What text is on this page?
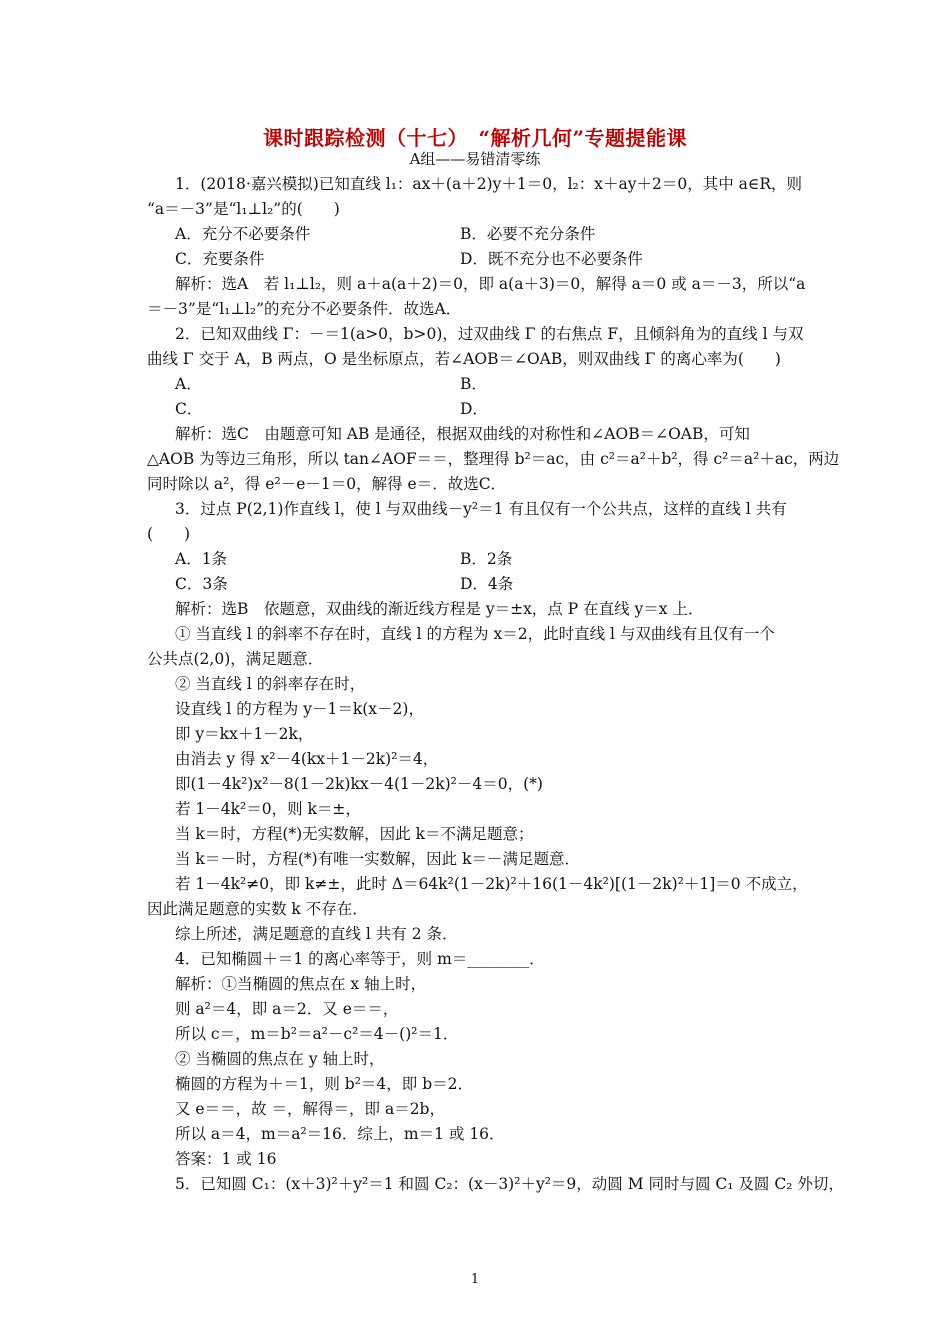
课时跟踪检测（十七）　“解析几何”专题提能课
A组——易错清零练
1．(2018·嘉兴模拟)已知直线 l₁：ax＋(a＋2)y＋1＝0，l₂：x＋ay＋2＝0，其中 a∈R，则
“a＝－3”是“l₁⊥l₂”的(　　)
A．充分不必要条件	B．必要不充分条件
C．充要条件	D．既不充分也不必要条件
解析：选A　若 l₁⊥l₂，则 a＋a(a＋2)＝0，即 a(a＋3)＝0，解得 a＝0 或 a＝－3，所以“a
＝－3”是“l₁⊥l₂”的充分不必要条件．故选A．
2．已知双曲线 Γ：－＝1(a>0，b>0)，过双曲线 Γ 的右焦点 F，且倾斜角为的直线 l 与双
曲线 Γ 交于 A，B 两点，O 是坐标原点，若∠AOB＝∠OAB，则双曲线 Γ 的离心率为(　　)
A．	B．
C．	D．
解析：选C　由题意可知 AB 是通径，根据双曲线的对称性和∠AOB＝∠OAB，可知
△AOB 为等边三角形，所以 tan∠AOF＝＝，整理得 b²＝ac，由 c²＝a²＋b²，得 c²＝a²＋ac，两边
同时除以 a²，得 e²－e－1＝0，解得 e＝．故选C．
3．过点 P(2,1)作直线 l，使 l 与双曲线－y²＝1 有且仅有一个公共点，这样的直线 l 共有
(　　)
A．1条	B．2条
C．3条	D．4条
解析：选B　依题意，双曲线的渐近线方程是 y＝±x，点 P 在直线 y＝x 上．
① 当直线 l 的斜率不存在时，直线 l 的方程为 x＝2，此时直线 l 与双曲线有且仅有一个
公共点(2,0)，满足题意．
② 当直线 l 的斜率存在时，
设直线 l 的方程为 y－1＝k(x－2)，
即 y＝kx＋1－2k，
由消去 y 得 x²－4(kx＋1－2k)²＝4，
即(1－4k²)x²－8(1－2k)kx－4(1－2k)²－4＝0，(*)
若 1－4k²＝0，则 k＝±，
当 k＝时，方程(*)无实数解，因此 k＝不满足题意；
当 k＝－时，方程(*)有唯一实数解，因此 k＝－满足题意．
若 1－4k²≠0，即 k≠±，此时 Δ＝64k²(1－2k)²＋16(1－4k²)[(1－2k)²＋1]＝0 不成立，
因此满足题意的实数 k 不存在．
综上所述，满足题意的直线 l 共有 2 条．
4．已知椭圆＋＝1 的离心率等于，则 m＝________．
解析：①当椭圆的焦点在 x 轴上时，
则 a²＝4，即 a＝2．又 e＝＝，
所以 c＝，m＝b²＝a²－c²＝4－()²＝1．
② 当椭圆的焦点在 y 轴上时，
椭圆的方程为＋＝1，则 b²＝4，即 b＝2．
又 e＝＝，故 ＝，解得＝，即 a＝2b，
所以 a＝4，m＝a²＝16．综上，m＝1 或 16．
答案：1 或 16
5．已知圆 C₁：(x＋3)²＋y²＝1 和圆 C₂：(x－3)²＋y²＝9，动圆 M 同时与圆 C₁ 及圆 C₂ 外切，
1
